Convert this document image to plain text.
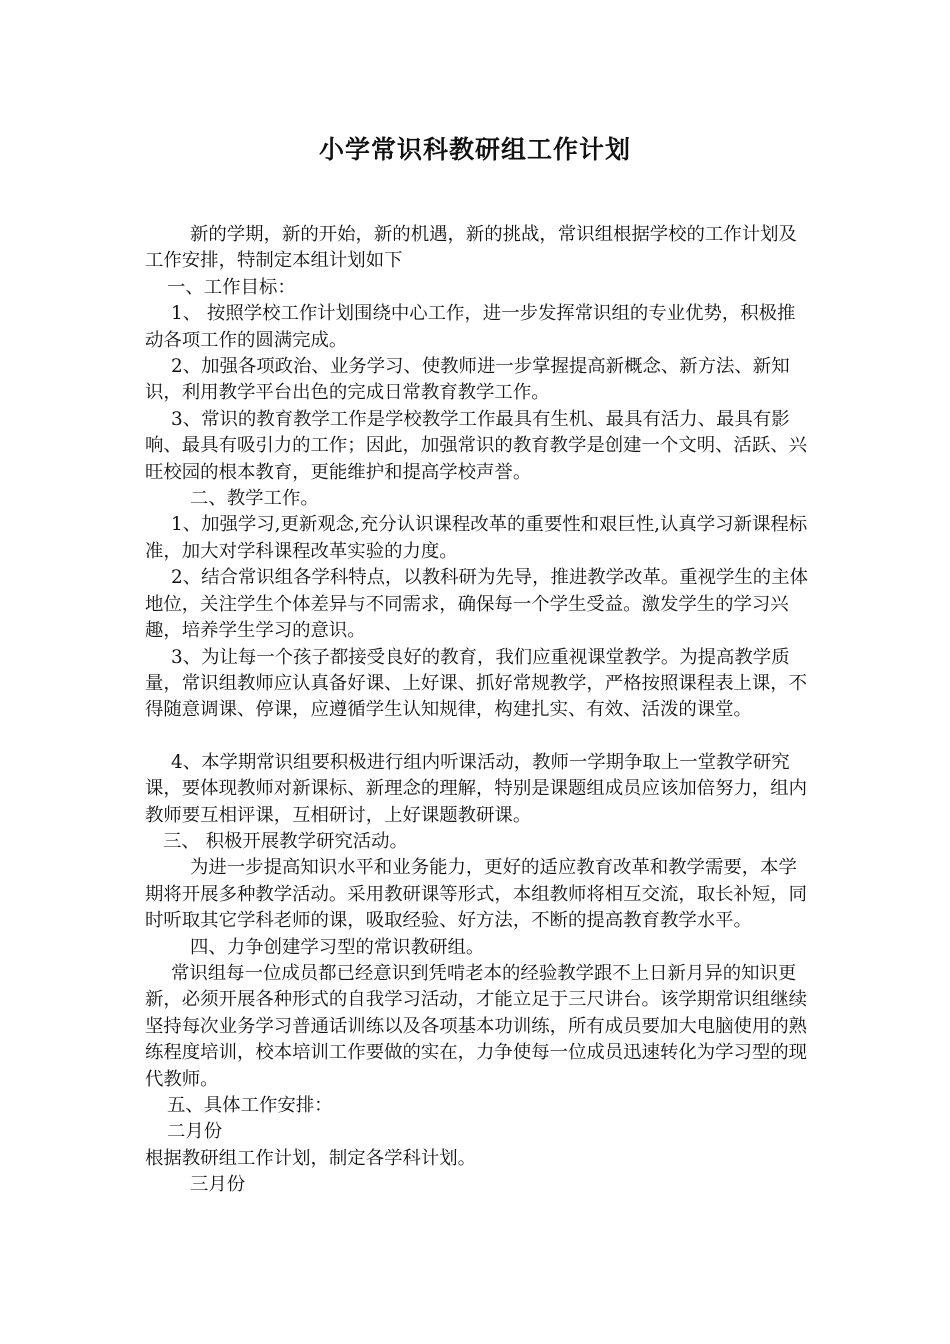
小学常识科教研组工作计划

新的学期，新的开始，新的机遇，新的挑战，常识组根据学校的工作计划及工作安排，特制定本组计划如下

一、工作目标：

1、 按照学校工作计划围绕中心工作，进一步发挥常识组的专业优势，积极推动各项工作的圆满完成。

2、加强各项政治、业务学习、使教师进一步掌握提高新概念、新方法、新知识，利用教学平台出色的完成日常教育教学工作。

3、常识的教育教学工作是学校教学工作最具有生机、最具有活力、最具有影响、最具有吸引力的工作；因此，加强常识的教育教学是创建一个文明、活跃、兴旺校园的根本教育，更能维护和提高学校声誉。

二、教学工作。

1、加强学习,更新观念,充分认识课程改革的重要性和艰巨性,认真学习新课程标准，加大对学科课程改革实验的力度。

2、结合常识组各学科特点，以教科研为先导，推进教学改革。重视学生的主体地位，关注学生个体差异与不同需求，确保每一个学生受益。激发学生的学习兴趣，培养学生学习的意识。

3、为让每一个孩子都接受良好的教育，我们应重视课堂教学。为提高教学质量，常识组教师应认真备好课、上好课、抓好常规教学，严格按照课程表上课，不得随意调课、停课，应遵循学生认知规律，构建扎实、有效、活泼的课堂。

4、本学期常识组要积极进行组内听课活动，教师一学期争取上一堂教学研究课，要体现教师对新课标、新理念的理解，特别是课题组成员应该加倍努力，组内教师要互相评课，互相研讨，上好课题教研课。

三、 积极开展教学研究活动。

为进一步提高知识水平和业务能力，更好的适应教育改革和教学需要，本学期将开展多种教学活动。采用教研课等形式，本组教师将相互交流，取长补短，同时听取其它学科老师的课，吸取经验、好方法，不断的提高教育教学水平。

四、力争创建学习型的常识教研组。

常识组每一位成员都已经意识到凭啃老本的经验教学跟不上日新月异的知识更新，必须开展各种形式的自我学习活动，才能立足于三尺讲台。该学期常识组继续坚持每次业务学习普通话训练以及各项基本功训练，所有成员要加大电脑使用的熟练程度培训，校本培训工作要做的实在，力争使每一位成员迅速转化为学习型的现代教师。

五、具体工作安排：

二月份

根据教研组工作计划，制定各学科计划。

三月份
